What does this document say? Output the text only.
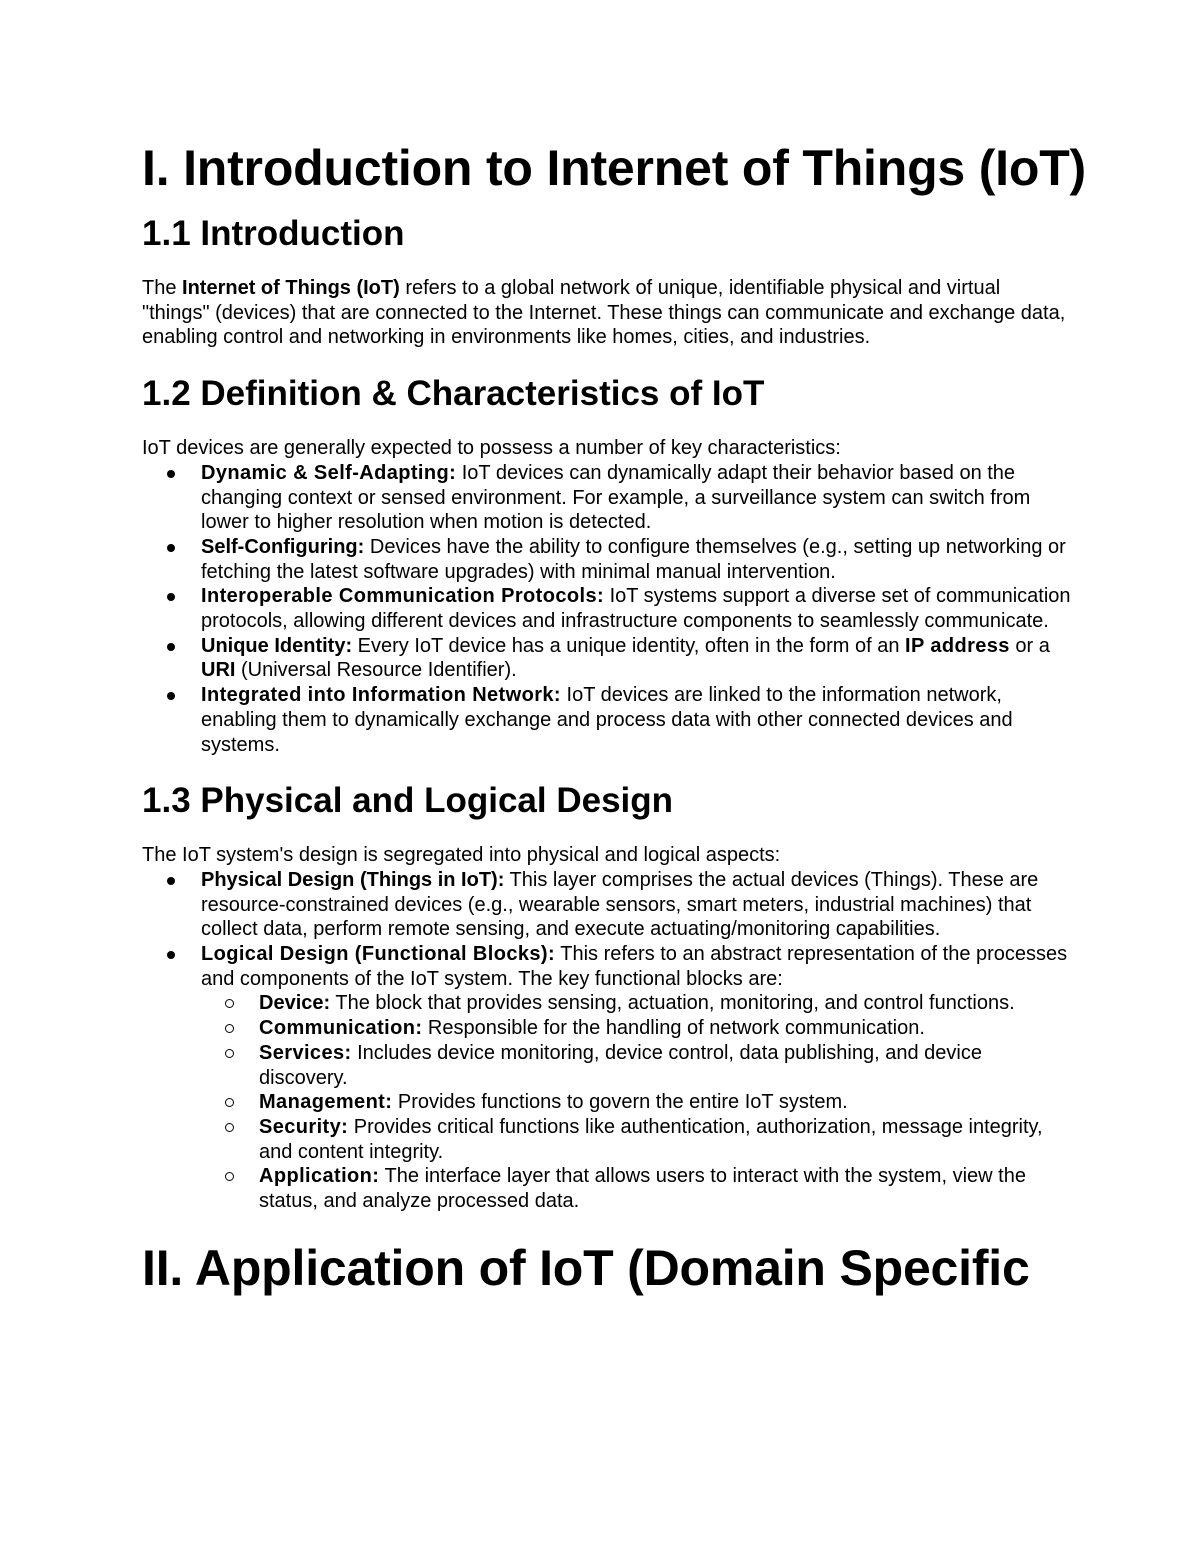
I. Introduction to Internet of Things (IoT)
1.1 Introduction

The Internet of Things (IoT) refers to a global network of unique, identifiable physical and virtual "things" (devices) that are connected to the Internet. These things can communicate and exchange data, enabling control and networking in environments like homes, cities, and industries.

1.2 Definition & Characteristics of IoT

IoT devices are generally expected to possess a number of key characteristics:

Dynamic & Self-Adapting: IoT devices can dynamically adapt their behavior based on the changing context or sensed environment. For example, a surveillance system can switch from lower to higher resolution when motion is detected.
Self-Configuring: Devices have the ability to configure themselves (e.g., setting up networking or fetching the latest software upgrades) with minimal manual intervention.
Interoperable Communication Protocols: IoT systems support a diverse set of communication protocols, allowing different devices and infrastructure components to seamlessly communicate.
Unique Identity: Every IoT device has a unique identity, often in the form of an IP address or a URI (Universal Resource Identifier).
Integrated into Information Network: IoT devices are linked to the information network, enabling them to dynamically exchange and process data with other connected devices and systems.
1.3 Physical and Logical Design

The IoT system's design is segregated into physical and logical aspects:

Physical Design (Things in IoT): This layer comprises the actual devices (Things). These are resource-constrained devices (e.g., wearable sensors, smart meters, industrial machines) that collect data, perform remote sensing, and execute actuating/monitoring capabilities.
Logical Design (Functional Blocks): This refers to an abstract representation of the processes and components of the IoT system. The key functional blocks are:
Device: The block that provides sensing, actuation, monitoring, and control functions.
Communication: Responsible for the handling of network communication.
Services: Includes device monitoring, device control, data publishing, and device discovery.
Management: Provides functions to govern the entire IoT system.
Security: Provides critical functions like authentication, authorization, message integrity, and content integrity.
Application: The interface layer that allows users to interact with the system, view the status, and analyze processed data.
II. Application of IoT (Domain Specific
